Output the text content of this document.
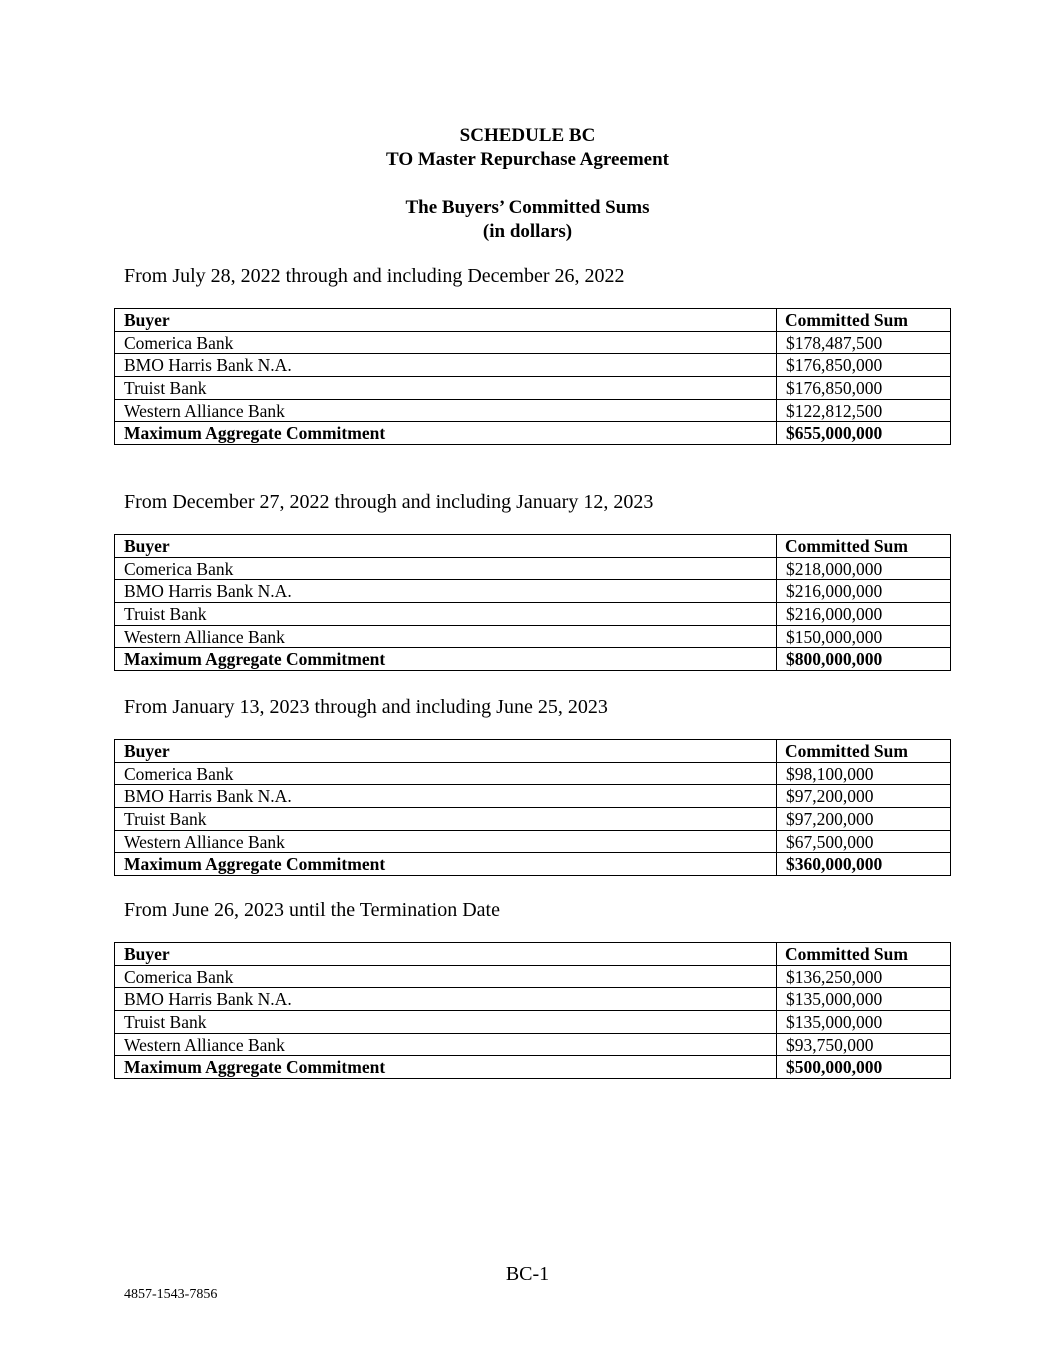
SCHEDULE BC
TO Master Repurchase Agreement
The Buyers’ Committed Sums
(in dollars)
From July 28, 2022 through and including December 26, 2022
Buyer	Committed Sum
Comerica Bank	$178,487,500
BMO Harris Bank N.A.	$176,850,000
Truist Bank	$176,850,000
Western Alliance Bank	$122,812,500
Maximum Aggregate Commitment	$655,000,000
From December 27, 2022 through and including January 12, 2023
Buyer	Committed Sum
Comerica Bank	$218,000,000
BMO Harris Bank N.A.	$216,000,000
Truist Bank	$216,000,000
Western Alliance Bank	$150,000,000
Maximum Aggregate Commitment	$800,000,000
From January 13, 2023 through and including June 25, 2023
Buyer	Committed Sum
Comerica Bank	$98,100,000
BMO Harris Bank N.A.	$97,200,000
Truist Bank	$97,200,000
Western Alliance Bank	$67,500,000
Maximum Aggregate Commitment	$360,000,000
From June 26, 2023 until the Termination Date
Buyer	Committed Sum
Comerica Bank	$136,250,000
BMO Harris Bank N.A.	$135,000,000
Truist Bank	$135,000,000
Western Alliance Bank	$93,750,000
Maximum Aggregate Commitment	$500,000,000
BC-1
4857-1543-7856
